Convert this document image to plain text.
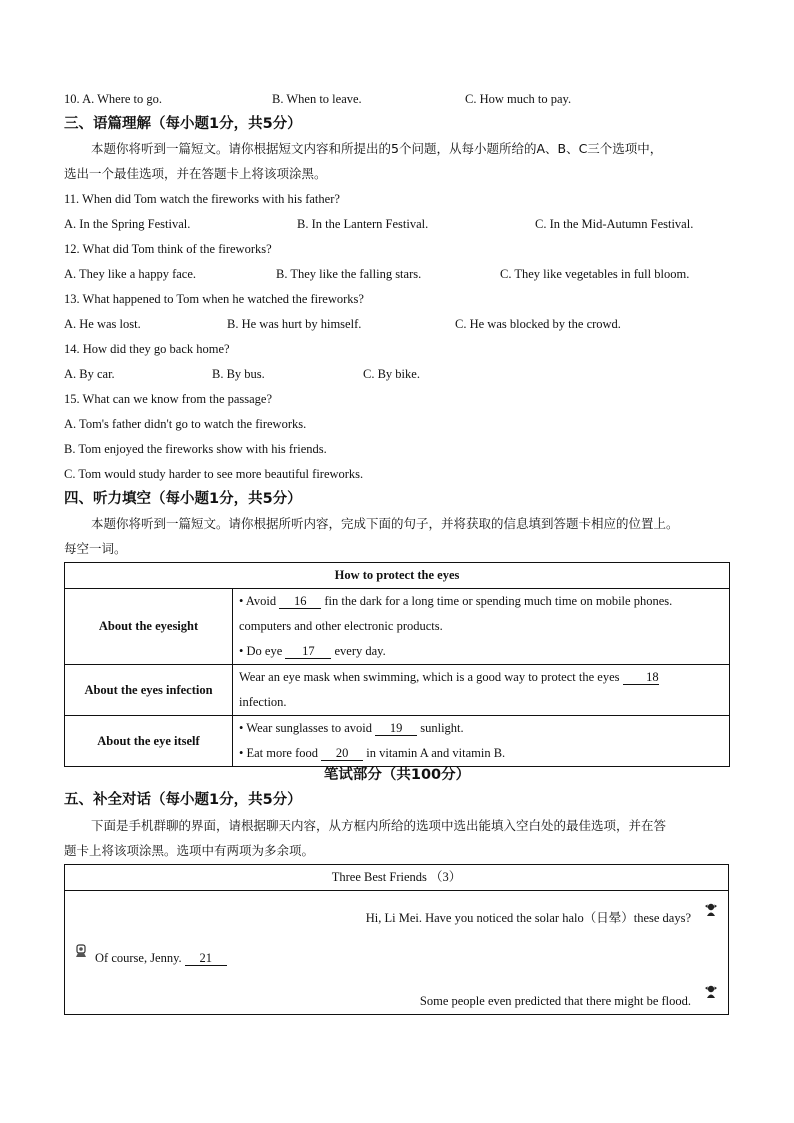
10. A. Where to go.	B. When to leave.	C. How much to pay.
三、语篇理解（每小题1分，共5分）
本题你将听到一篇短文。请你根据短文内容和所提出的5个问题，从每小题所给的A、B、C三个选项中，
选出一个最佳选项，并在答题卡上将该项涂黑。
11. When did Tom watch the fireworks with his father?
A. In the Spring Festival.	B. In the Lantern Festival.	C. In the Mid-Autumn Festival.
12. What did Tom think of the fireworks?
A. They like a happy face.	B. They like the falling stars.	C. They like vegetables in full bloom.
13. What happened to Tom when he watched the fireworks?
A. He was lost.	B. He was hurt by himself.	C. He was blocked by the crowd.
14. How did they go back home?
A. By car.	B. By bus.	C. By bike.
15. What can we know from the passage?
A. Tom's father didn't go to watch the fireworks.
B. Tom enjoyed the fireworks show with his friends.
C. Tom would study harder to see more beautiful fireworks.
四、听力填空（每小题1分，共5分）
本题你将听到一篇短文。请你根据所听内容，完成下面的句子，并将获取的信息填到答题卡相应的位置上。
每空一词。
How to protect the eyes	
About the eyesight	• Avoid 16 fin the dark for a long time or spending much time on mobile phones.
computers and other electronic products.
• Do eye 17 every day.

About the eyes infection	Wear an eye mask when swimming, which is a good way to protect the eyes 18
infection.

About the eye itself	• Wear sunglasses to avoid 19 sunlight.
• Eat more food 20 in vitamin A and vitamin B.
笔试部分（共100分）
五、补全对话（每小题1分，共5分）
下面是手机群聊的界面，请根据聊天内容，从方框内所给的选项中选出能填入空白处的最佳选项，并在答
题卡上将该项涂黑。选项中有两项为多余项。
Three Best Friends （3）
Hi, Li Mei. Have you noticed the solar halo（日晕）these days?
Of course, Jenny. 21
Some people even predicted that there might be flood.
